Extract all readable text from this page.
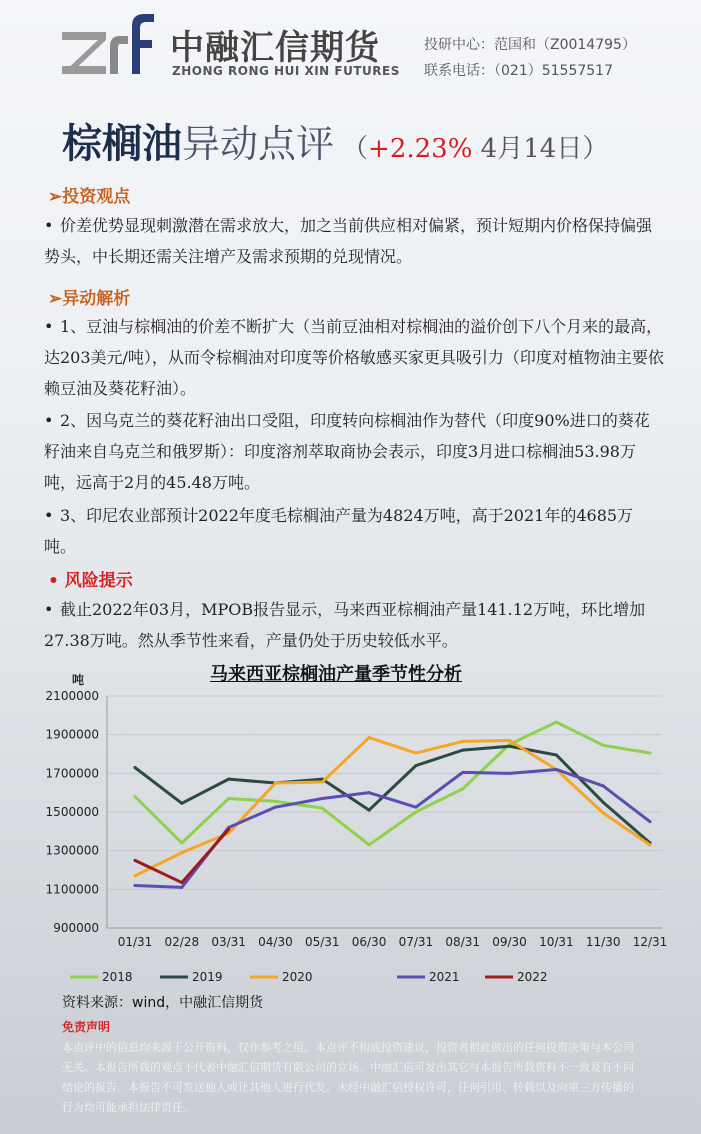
中融汇信期货
ZHONG RONG HUI XIN FUTURES
投研中心：范国和（Z0014795）
联系电话：（021）51557517
棕榈油异动点评 （+2.23% 4月14日）
➢投资观点
• 价差优势显现刺激潜在需求放大，加之当前供应相对偏紧，预计短期内价格保持偏强势头，中长期还需关注增产及需求预期的兑现情况。
➢异动解析
• 1、豆油与棕榈油的价差不断扩大（当前豆油相对棕榈油的溢价创下八个月来的最高，达203美元/吨），从而令棕榈油对印度等价格敏感买家更具吸引力（印度对植物油主要依赖豆油及葵花籽油）。
• 2、因乌克兰的葵花籽油出口受阻，印度转向棕榈油作为替代（印度90%进口的葵花籽油来自乌克兰和俄罗斯）：印度溶剂萃取商协会表示，印度3月进口棕榈油53.98万吨，远高于2月的45.48万吨。
• 3、印尼农业部预计2022年度毛棕榈油产量为4824万吨，高于2021年的4685万吨。
• 风险提示
• 截止2022年03月，MPOB报告显示，马来西亚棕榈油产量141.12万吨，环比增加27.38万吨。然从季节性来看，产量仍处于历史较低水平。
900000
1100000
1300000
1500000
1700000
1900000
2100000
吨
01/31 02/28 03/31 04/30 05/31 06/30 07/31 08/31 09/30 10/31 11/30 12/31
2018	2019	2020	2021	2022
马来西亚棕榈油产量季节性分析
资料来源：wind，中融汇信期货
免责声明
本点评中的信息均来源于公开资料，仅作参考之用。本点评不构成投资建议，投资者据此做出的任何投资决策与本公司无关。本报告所载的观点不代表中融汇信期货有限公司的立场。中融汇信可发出其它与本报告所载资料不一致及有不同结论的报告。本报告不可发送他人或让其他人进行代发。未经中融汇信授权许可，任何引用、转载以及向第三方传播的行为均可能承担法律责任。
